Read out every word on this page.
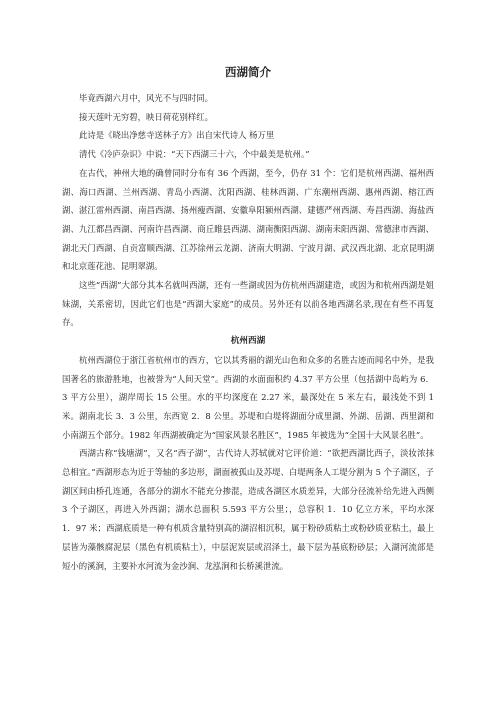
西湖简介

毕竟西湖六月中，风光不与四时同。

接天莲叶无穷碧，映日荷花别样红。

此诗是《晓出净慈寺送林子方》出自宋代诗人 杨万里

清代《冷庐杂识》中说：“天下西湖三十六，个中最美是杭州。”

在古代，神州大地的确曾同时分布有 36 个西湖，至今，仍存 31 个：它们是杭州西湖、福州西湖、海口西湖、兰州西湖、青岛小西湖、沈阳西湖、桂林西湖、广东潮州西湖、惠州西湖、榕江西湖、湛江雷州西湖、南昌西湖、扬州瘦西湖、安徽阜阳颍州西湖、建德严州西湖、寿昌西湖、海盐西湖、九江都昌西湖、河南许昌西湖、商丘睢县西湖、湖南衡阳西湖、湖南耒阳西湖、常德津市西湖、湖北天门西湖、自贡富顺西湖、江苏徐州云龙湖、济南大明湖、宁波月湖、武汉西北湖、北京昆明湖和北京莲花池、昆明翠湖。

这些“西湖”大部分其本名就叫西湖，还有一些湖或因为仿杭州西湖建造，或因为和杭州西湖是姐妹湖，关系密切，因此它们也是“西湖大家庭”的成员。另外还有以前各地西湖名录,现在有些不再复存。

杭州西湖

杭州西湖位于浙江省杭州市的西方，它以其秀丽的湖光山色和众多的名胜古迹而闻名中外，是我国著名的旅游胜地，也被誉为“人间天堂”。西湖的水面面积约 4.37 平方公里（包括湖中岛屿为 6．3 平方公里），湖岸周长 15 公里。水的平均深度在 2.27 米，最深处在 5 米左右，最浅处不到 1 米。湖南北长 3．3 公里，东西宽 2．8 公里。苏堤和白堤将湖面分成里湖、外湖、岳湖、西里湖和小南湖五个部分。1982 年西湖被确定为“国家风景名胜区”，1985 年被选为“全国十大风景名胜”。

西湖古称“钱塘湖”，又名“西子湖”，古代诗人苏轼就对它评价道：“欲把西湖比西子，淡妆浓抹总相宜。”西湖形态为近于等轴的多边形，湖面被孤山及苏堤、白堤两条人工堤分割为 5 个子湖区，子湖区间由桥孔连通，各部分的湖水不能充分掺混，造成各湖区水质差异，大部分径流补给先进入西侧 3 个子湖区，再进入外西湖；湖水总面积 5.593 平方公里；，总容积 1．10 亿立方米，平均水深 1．97 米；西湖底质是一种有机质含量特别高的湖沼相沉积，属于粉砂质粘土或粉砂质亚粘土，最上层皆为藻骸腐泥层（黑色有机质粘土），中层泥炭层或沼泽土，最下层为基底粉砂层；入湖河流部是短小的溪涧，主要补水河流为金沙涧、龙泓涧和长桥溪泄流。
